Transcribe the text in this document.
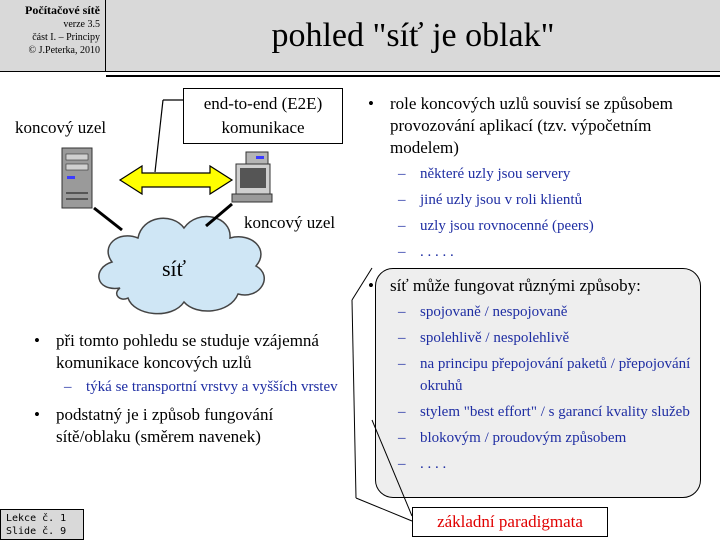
Počítačové sítě
verze 3.5
část I. – Principy
© J.Peterka, 2010	pohled "síť je oblak"
koncový uzel
koncový uzel
síť
end-to-end (E2E)
komunikace
• při tomto pohledu se studuje vzájemná komunikace koncových uzlů
– týká se transportní vrstvy a vyšších vrstev
• podstatný je i způsob fungování sítě/oblaku (směrem navenek)
• role koncových uzlů souvisí se způsobem provozování aplikací (tzv. výpočetním modelem)
– některé uzly jsou servery
– jiné uzly jsou v roli klientů
– uzly jsou rovnocenné (peers)
– . . . . .
• síť může fungovat různými způsoby:
– spojovaně / nespojovaně
– spolehlivě / nespolehlivě
– na principu přepojování paketů / přepojování okruhů
– stylem "best effort" / s garancí kvality služeb
– blokovým / proudovým způsobem
– . . . .
základní paradigmata
Lekce č. 1
Slide č. 9
